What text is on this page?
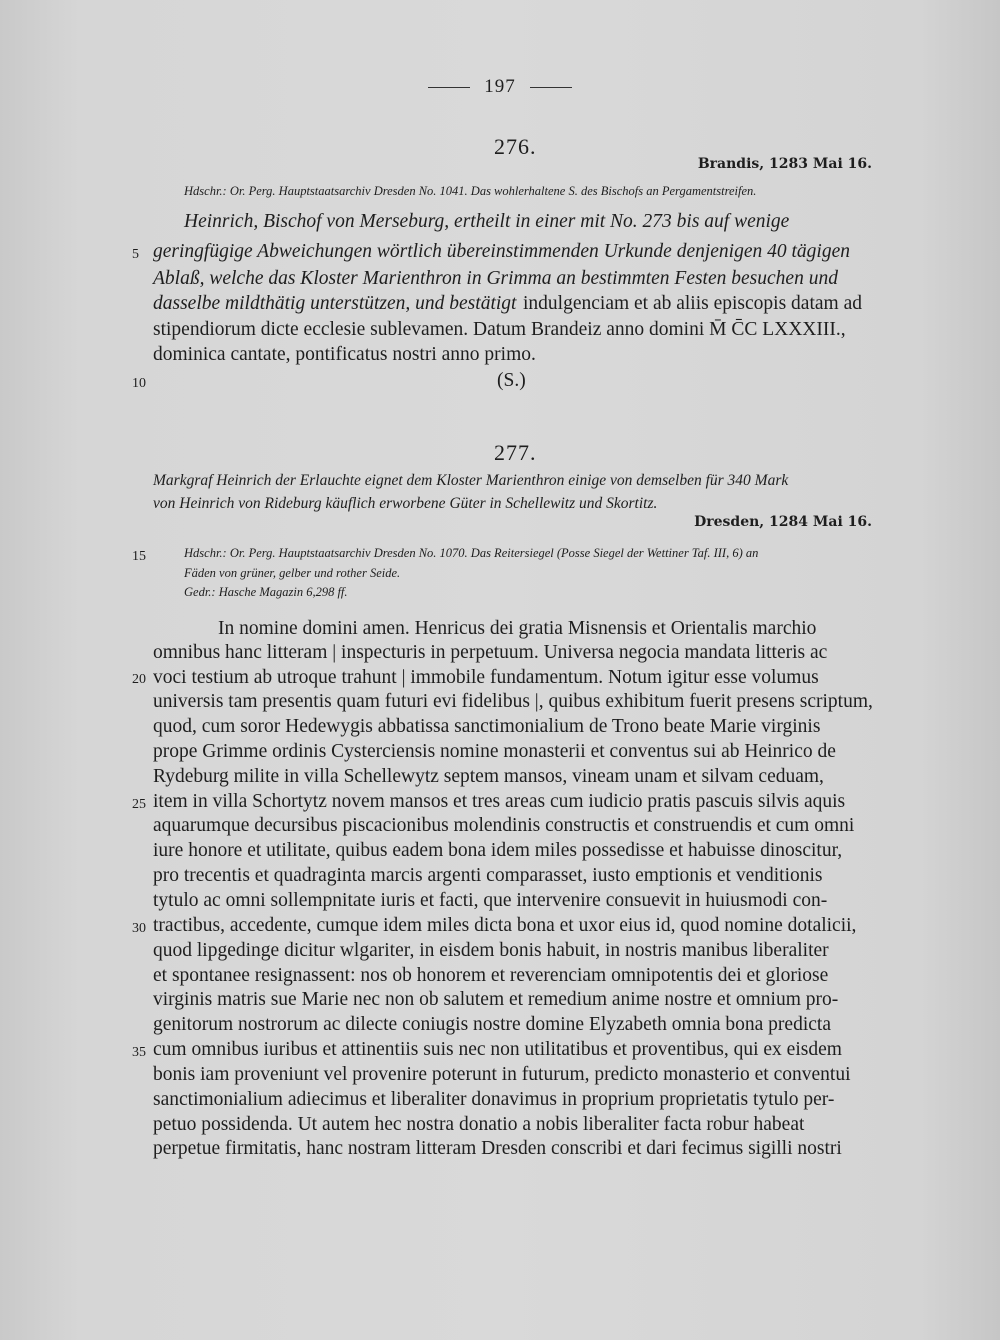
197
276.
Brandis, 1283 Mai 16.
Hdschr.: Or. Perg. Hauptstaatsarchiv Dresden No. 1041. Das wohlerhaltene S. des Bischofs an Pergamentstreifen.
Heinrich, Bischof von Merseburg, ertheilt in einer mit No. 273 bis auf wenige
geringfügige Abweichungen wörtlich übereinstimmenden Urkunde denjenigen 40 tägigen
Ablaß, welche das Kloster Marienthron in Grimma an bestimmten Festen besuchen und
dasselbe mildthätig unterstützen, und bestätigt indulgenciam et ab aliis episcopis datam ad
stipendiorum dicte ecclesie sublevamen. Datum Brandeiz anno domini M̄ C̄C LXXXIII.,
dominica cantate, pontificatus nostri anno primo.
(S.)
277.
Markgraf Heinrich der Erlauchte eignet dem Kloster Marienthron einige von demselben für 340 Mark
von Heinrich von Rideburg käuflich erworbene Güter in Schellewitz und Skortitz.
Dresden, 1284 Mai 16.
Hdschr.: Or. Perg. Hauptstaatsarchiv Dresden No. 1070. Das Reitersiegel (Posse Siegel der Wettiner Taf. III, 6) an
Fäden von grüner, gelber und rother Seide.
Gedr.: Hasche Magazin 6,298 ff.
In nomine domini amen. Henricus dei gratia Misnensis et Orientalis marchio
omnibus hanc litteram | inspecturis in perpetuum. Universa negocia mandata litteris ac
voci testium ab utroque trahunt | immobile fundamentum. Notum igitur esse volumus
universis tam presentis quam futuri evi fidelibus |, quibus exhibitum fuerit presens scriptum,
quod, cum soror Hedewygis abbatissa sanctimonialium de Trono beate Marie virginis
prope Grimme ordinis Cysterciensis nomine monasterii et conventus sui ab Heinrico de
Rydeburg milite in villa Schellewytz septem mansos, vineam unam et silvam ceduam,
item in villa Schortytz novem mansos et tres areas cum iudicio pratis pascuis silvis aquis
aquarumque decursibus piscacionibus molendinis constructis et construendis et cum omni
iure honore et utilitate, quibus eadem bona idem miles possedisse et habuisse dinoscitur,
pro trecentis et quadraginta marcis argenti comparasset, iusto emptionis et venditionis
tytulo ac omni sollempnitate iuris et facti, que intervenire consuevit in huiusmodi con-
tractibus, accedente, cumque idem miles dicta bona et uxor eius id, quod nomine dotalicii,
quod lipgedinge dicitur wlgariter, in eisdem bonis habuit, in nostris manibus liberaliter
et spontanee resignassent: nos ob honorem et reverenciam omnipotentis dei et gloriose
virginis matris sue Marie nec non ob salutem et remedium anime nostre et omnium pro-
genitorum nostrorum ac dilecte coniugis nostre domine Elyzabeth omnia bona predicta
cum omnibus iuribus et attinentiis suis nec non utilitatibus et proventibus, qui ex eisdem
bonis iam proveniunt vel provenire poterunt in futurum, predicto monasterio et conventui
sanctimonialium adiecimus et liberaliter donavimus in proprium proprietatis tytulo per-
petuo possidenda. Ut autem hec nostra donatio a nobis liberaliter facta robur habeat
perpetue firmitatis, hanc nostram litteram Dresden conscribi et dari fecimus sigilli nostri
5
10
15
20
25
30
35
